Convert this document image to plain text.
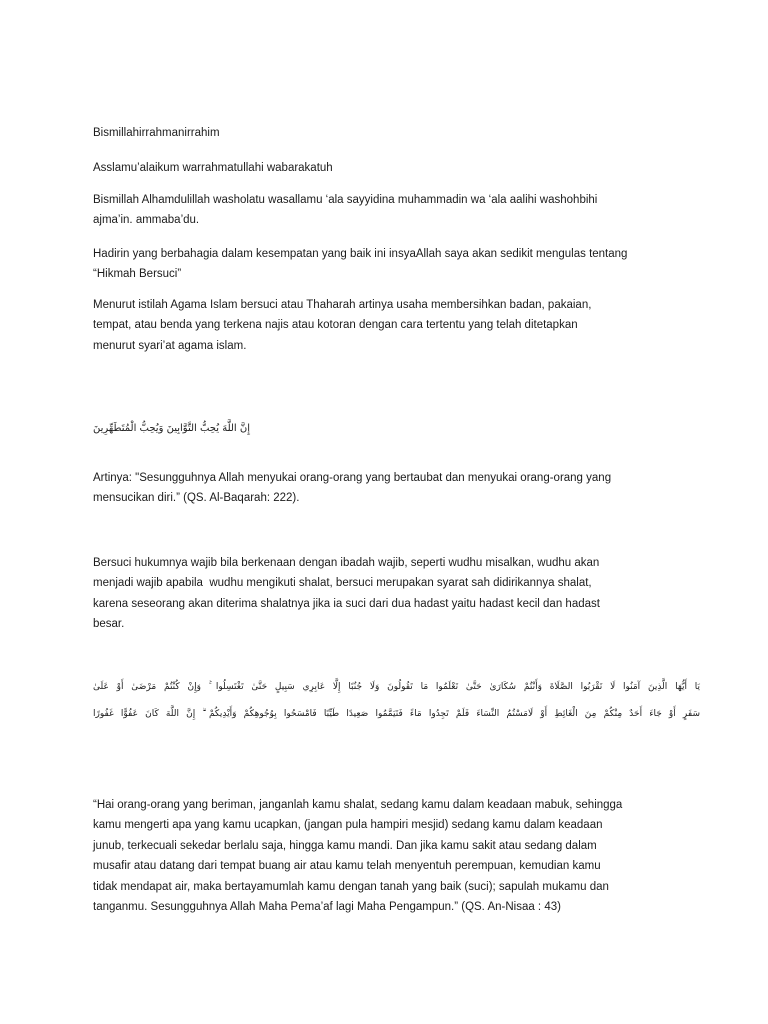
Bismillahirrahmanirrahim
Asslamu’alaikum warrahmatullahi wabarakatuh
Bismillah Alhamdulillah washolatu wasallamu ‘ala sayyidina muhammadin wa ‘ala aalihi washohbihi
ajma’in. ammaba’du.
Hadirin yang berbahagia dalam kesempatan yang baik ini insyaAllah saya akan sedikit mengulas tentang
“Hikmah Bersuci”
Menurut istilah Agama Islam bersuci atau Thaharah artinya usaha membersihkan badan, pakaian,
tempat, atau benda yang terkena najis atau kotoran dengan cara tertentu yang telah ditetapkan
menurut syari’at agama islam.

إِنَّ اللَّهَ يُحِبُّ التَّوَّابِينَ وَيُحِبُّ الْمُتَطَهِّرِينَ

Artinya: "Sesungguhnya Allah menyukai orang-orang yang bertaubat dan menyukai orang-orang yang
mensucikan diri.” (QS. Al-Baqarah: 222).
Bersuci hukumnya wajib bila berkenaan dengan ibadah wajib, seperti wudhu misalkan, wudhu akan
menjadi wajib apabila  wudhu mengikuti shalat, bersuci merupakan syarat sah didirikannya shalat,
karena seseorang akan diterima shalatnya jika ia suci dari dua hadast yaitu hadast kecil dan hadast
besar.
يَا أَيُّهَا الَّذِينَ آمَنُوا لَا تَقْرَبُوا الصَّلَاةَ وَأَنْتُمْ سُكَارَىٰ حَتَّىٰ تَعْلَمُوا مَا تَقُولُونَ وَلَا جُنُبًا إِلَّا عَابِرِي سَبِيلٍ حَتَّىٰ تَغْتَسِلُوا ۚ وَإِنْ كُنْتُمْ مَرْضَىٰ أَوْ عَلَىٰ
سَفَرٍ أَوْ جَاءَ أَحَدٌ مِنْكُمْ مِنَ الْغَائِطِ أَوْ لَامَسْتُمُ النِّسَاءَ فَلَمْ تَجِدُوا مَاءً فَتَيَمَّمُوا صَعِيدًا طَيِّبًا فَامْسَحُوا بِوُجُوهِكُمْ وَأَيْدِيكُمْ ۗ إِنَّ اللَّهَ كَانَ عَفُوًّا غَفُورًا
“Hai orang-orang yang beriman, janganlah kamu shalat, sedang kamu dalam keadaan mabuk, sehingga
kamu mengerti apa yang kamu ucapkan, (jangan pula hampiri mesjid) sedang kamu dalam keadaan
junub, terkecuali sekedar berlalu saja, hingga kamu mandi. Dan jika kamu sakit atau sedang dalam
musafir atau datang dari tempat buang air atau kamu telah menyentuh perempuan, kemudian kamu
tidak mendapat air, maka bertayamumlah kamu dengan tanah yang baik (suci); sapulah mukamu dan
tanganmu. Sesungguhnya Allah Maha Pema’af lagi Maha Pengampun.” (QS. An-Nisaa : 43)
